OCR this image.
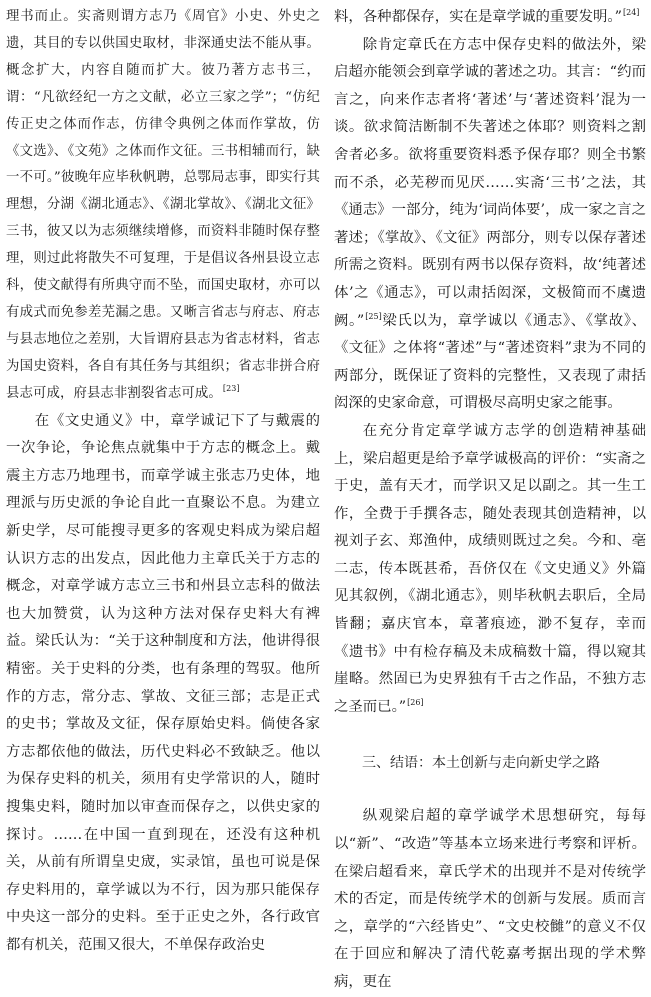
理书而止。实斋则谓方志乃《周官》小史、外史之遗，其目的专以供国史取材，非深通史法不能从事。概念扩大，内容自随而扩大。彼乃著方志书三，谓：“凡欲经纪一方之文献，必立三家之学”；“仿纪传正史之体而作志，仿律令典例之体而作掌故，仿《文选》、《文苑》之体而作文征。三书相辅而行，缺一不可。”彼晚年应毕秋帆聘，总鄂局志事，即实行其理想，分湖《湖北通志》、《湖北掌故》、《湖北文征》三书，彼又以为志须继续增修，而资料非随时保存整理，则过此将散失不可复理，于是倡议各州县设立志科，使文献得有所典守而不坠，而国史取材，亦可以有成式而免参差芜漏之患。又晰言省志与府志、府志与县志地位之差别，大旨谓府县志为省志材料，省志为国史资料，各自有其任务与其组织；省志非拼合府县志可成，府县志非割裂省志可成。[23]

在《文史通义》中，章学诚记下了与戴震的一次争论，争论焦点就集中于方志的概念上。戴震主方志乃地理书，而章学诚主张志乃史体，地理派与历史派的争论自此一直聚讼不息。为建立新史学，尽可能搜寻更多的客观史料成为梁启超认识方志的出发点，因此他力主章氏关于方志的概念，对章学诚方志立三书和州县立志科的做法也大加赞赏，认为这种方法对保存史料大有裨益。梁氏认为：“关于这种制度和方法，他讲得很精密。关于史料的分类，也有条理的驾驭。他所作的方志，常分志、掌故、文征三部；志是正式的史书；掌故及文征，保存原始史料。倘使各家方志都依他的做法，历代史料必不致缺乏。他以为保存史料的机关，须用有史学常识的人，随时搜集史料，随时加以审查而保存之，以供史家的探讨。……在中国一直到现在，还没有这种机关，从前有所谓皇史宬，实录馆，虽也可说是保存史料用的，章学诚以为不行，因为那只能保存中央这一部分的史料。至于正史之外，各行政官都有机关，范围又很大，不单保存政治史

料，各种都保存，实在是章学诚的重要发明。”[24]

除肯定章氏在方志中保存史料的做法外，梁启超亦能领会到章学诚的著述之功。其言：“约而言之，向来作志者将‘著述’与‘著述资料’混为一谈。欲求简洁断制不失著述之体耶？则资料之割舍者必多。欲将重要资料悉予保存耶？则全书繁而不杀，必芜秽而见厌……实斋‘三书’之法，其《通志》一部分，纯为‘词尚体要’，成一家之言之著述；《掌故》、《文征》两部分，则专以保存著述所需之资料。既别有两书以保存资料，故‘纯著述体’之《通志》，可以肃括闳深，文极简而不虞遗阙。”[25]梁氏以为，章学诚以《通志》、《掌故》、《文征》之体将“著述”与“著述资料”隶为不同的两部分，既保证了资料的完整性，又表现了肃括闳深的史家命意，可谓极尽高明史家之能事。

在充分肯定章学诚方志学的创造精神基础上，梁启超更是给予章学诚极高的评价：“实斋之于史，盖有天才，而学识又足以副之。其一生工作，全费于手撰各志，随处表现其创造精神，以视刘子玄、郑渔仲，成绩则既过之矣。今和、亳二志，传本既甚希，吾侪仅在《文史通义》外篇见其叙例，《湖北通志》，则毕秋帆去职后，全局皆翻；嘉庆官本，章著痕迹，渺不复存，幸而《遗书》中有检存稿及未成稿数十篇，得以窥其崖略。然固已为史界独有千古之作品，不独方志之圣而已。”[26]

三、结语：本土创新与走向新史学之路

纵观梁启超的章学诚学术思想研究，每每以“新”、“改造”等基本立场来进行考察和评析。在梁启超看来，章氏学术的出现并不是对传统学术的否定，而是传统学术的创新与发展。质而言之，章学的“六经皆史”、“文史校雠”的意义不仅在于回应和解决了清代乾嘉考据出现的学术弊病，更在
